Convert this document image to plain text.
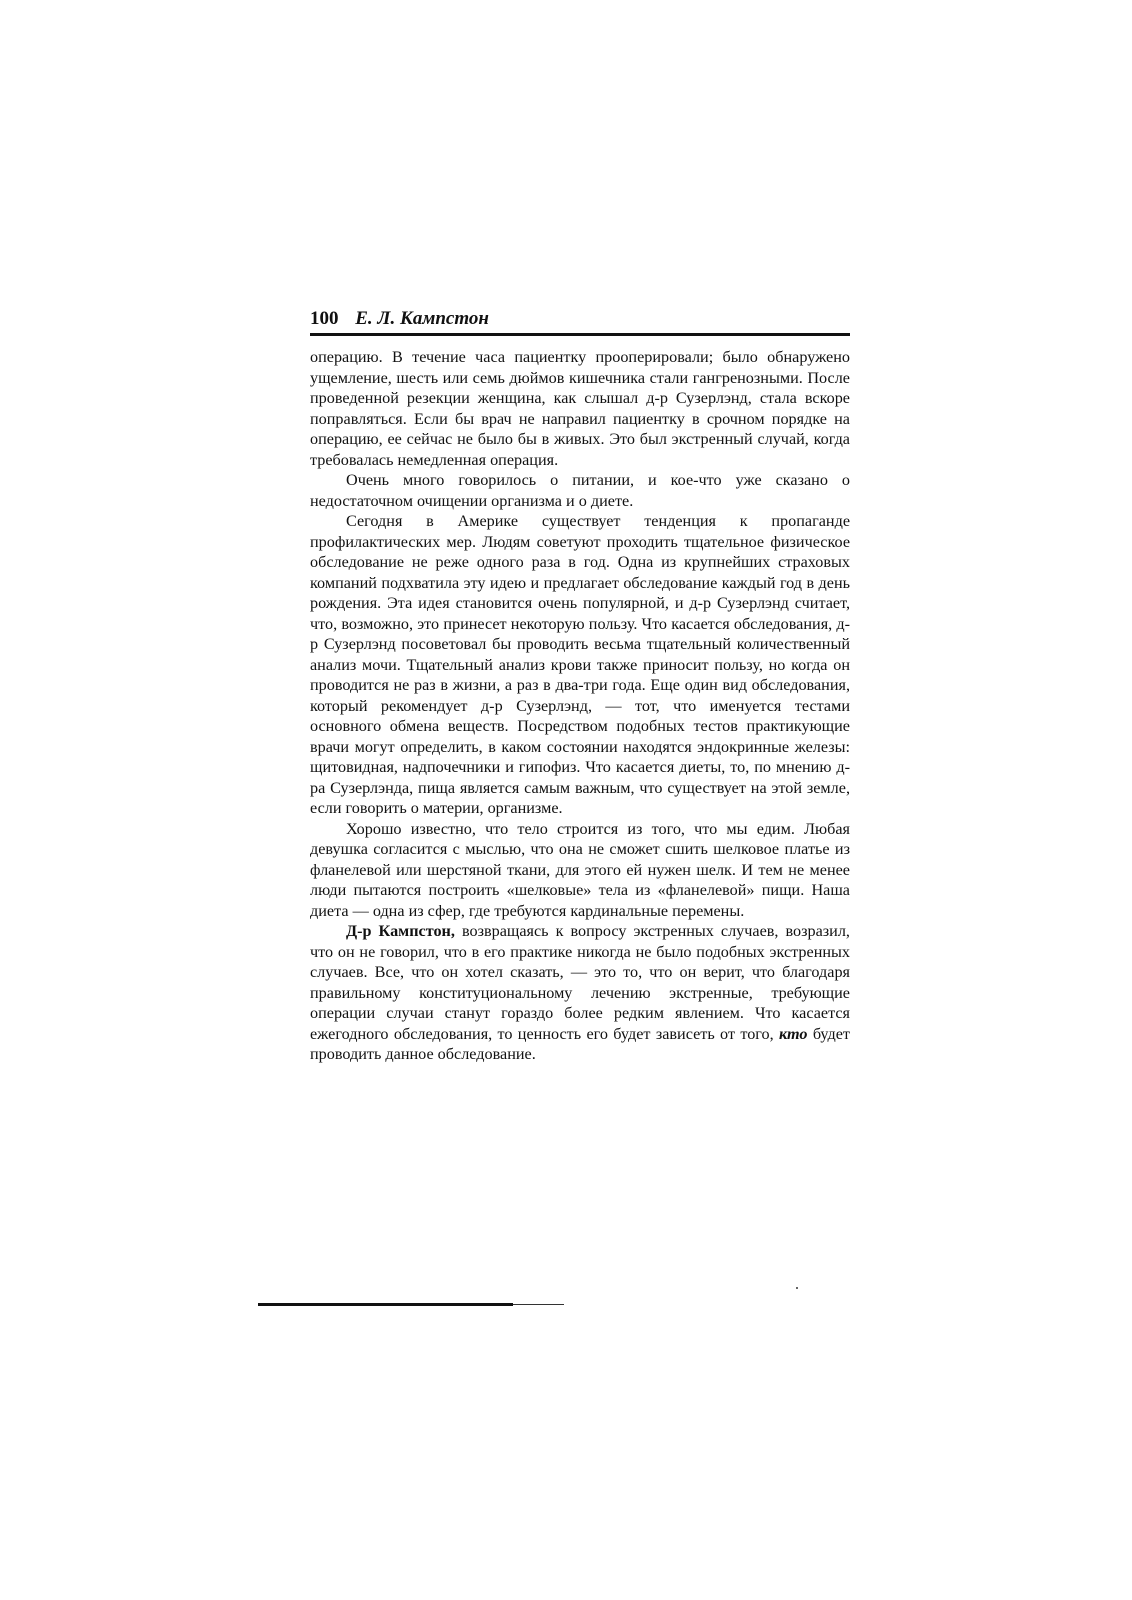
100 Е. Л. Кампстон

операцию. В течение часа пациентку прооперировали; было обнаружено ущемление, шесть или семь дюймов кишечника стали гангренозными. После проведенной резекции женщина, как слышал д-р Сузерлэнд, стала вскоре поправляться. Если бы врач не направил пациентку в срочном порядке на операцию, ее сейчас не было бы в живых. Это был экстренный случай, когда требовалась немедленная операция.

Очень много говорилось о питании, и кое-что уже сказано о недостаточном очищении организма и о диете.

Сегодня в Америке существует тенденция к пропаганде профилактических мер. Людям советуют проходить тщательное физическое обследование не реже одного раза в год. Одна из крупнейших страховых компаний подхватила эту идею и предлагает обследование каждый год в день рождения. Эта идея становится очень популярной, и д-р Сузерлэнд считает, что, возможно, это принесет некоторую пользу. Что касается обследования, д-р Сузерлэнд посоветовал бы проводить весьма тщательный количественный анализ мочи. Тщательный анализ крови также приносит пользу, но когда он проводится не раз в жизни, а раз в два-три года. Еще один вид обследования, который рекомендует д-р Сузерлэнд, — тот, что именуется тестами основного обмена веществ. Посредством подобных тестов практикующие врачи могут определить, в каком состоянии находятся эндокринные железы: щитовидная, надпочечники и гипофиз. Что касается диеты, то, по мнению д-ра Сузерлэнда, пища является самым важным, что существует на этой земле, если говорить о материи, организме.

Хорошо известно, что тело строится из того, что мы едим. Любая девушка согласится с мыслью, что она не сможет сшить шелковое платье из фланелевой или шерстяной ткани, для этого ей нужен шелк. И тем не менее люди пытаются построить «шелковые» тела из «фланелевой» пищи. Наша диета — одна из сфер, где требуются кардинальные перемены.

Д-р Кампстон, возвращаясь к вопросу экстренных случаев, возразил, что он не говорил, что в его практике никогда не было подобных экстренных случаев. Все, что он хотел сказать, — это то, что он верит, что благодаря правильному конституциональному лечению экстренные, требующие операции случаи станут гораздо более редким явлением. Что касается ежегодного обследования, то ценность его будет зависеть от того, кто будет проводить данное обследование.
